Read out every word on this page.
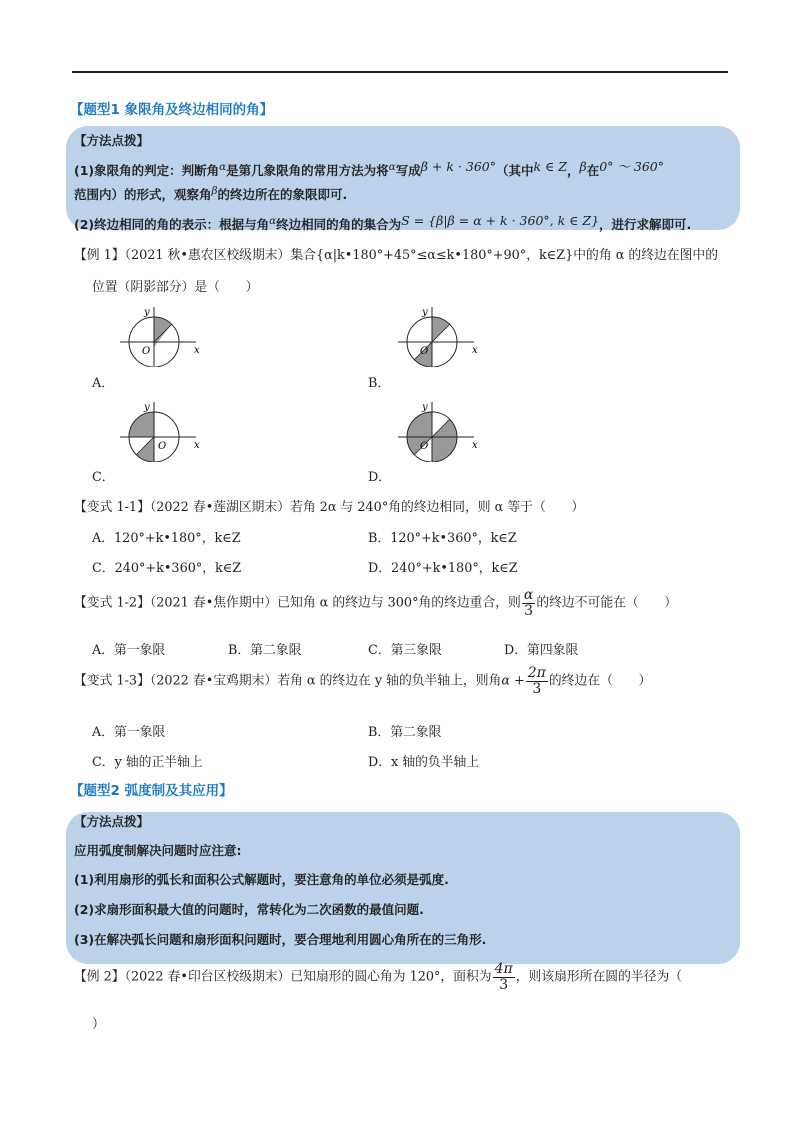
【题型1 象限角及终边相同的角】
【方法点拨】
(1)象限角的判定：判断角$^\alpha$是第几象限角的常用方法为将$^\alpha$写成β + k · 360°（其中k ∈ Z，β在0° ～ 360°
范围内）的形式，观察角$^\beta$的终边所在的象限即可.
(2)终边相同的角的表示：根据与角$^\alpha$终边相同的角的集合为S = {β|β = α + k · 360°, k ∈ Z}，进行求解即可.
【例 1】（2021 秋•惠农区校级期末）集合{α|k•180°+45°≤α≤k•180°+90°，k∈Z}中的角 α 的终边在图中的
位置（阴影部分）是（　　）
A．
y
x
O
B．
y
x
O
C．
y
x
O
D．
y
x
O
【变式 1-1】（2022 春•莲湖区期末）若角 2α 与 240°角的终边相同，则 α 等于（　　）
A．120°+k•180°，k∈Z	B．120°+k•360°，k∈Z
C．240°+k•360°，k∈Z	D．240°+k•180°，k∈Z
【变式 1-2】（2021 春•焦作期中）已知角 α 的终边与 300°角的终边重合，则 $\frac{\alpha}{3}$ 的终边不可能在（　　）
A．第一象限	B．第二象限	C．第三象限	D．第四象限
【变式 1-3】（2022 春•宝鸡期末）若角 α 的终边在 y 轴的负半轴上，则角$\alpha + \frac{2\pi}{3}$ 的终边在（　　）
A．第一象限	B．第二象限
C．y 轴的正半轴上	D．x 轴的负半轴上
【题型2 弧度制及其应用】
【方法点拨】
应用弧度制解决问题时应注意:
(1)利用扇形的弧长和面积公式解题时，要注意角的单位必须是弧度.
(2)求扇形面积最大值的问题时，常转化为二次函数的最值问题.
(3)在解决弧长问题和扇形面积问题时，要合理地利用圆心角所在的三角形.
【例 2】（2022 春•印台区校级期末）已知扇形的圆心角为 120°，面积为 $\frac{4\pi}{3}$ ，则该扇形所在圆的半径为（
）
